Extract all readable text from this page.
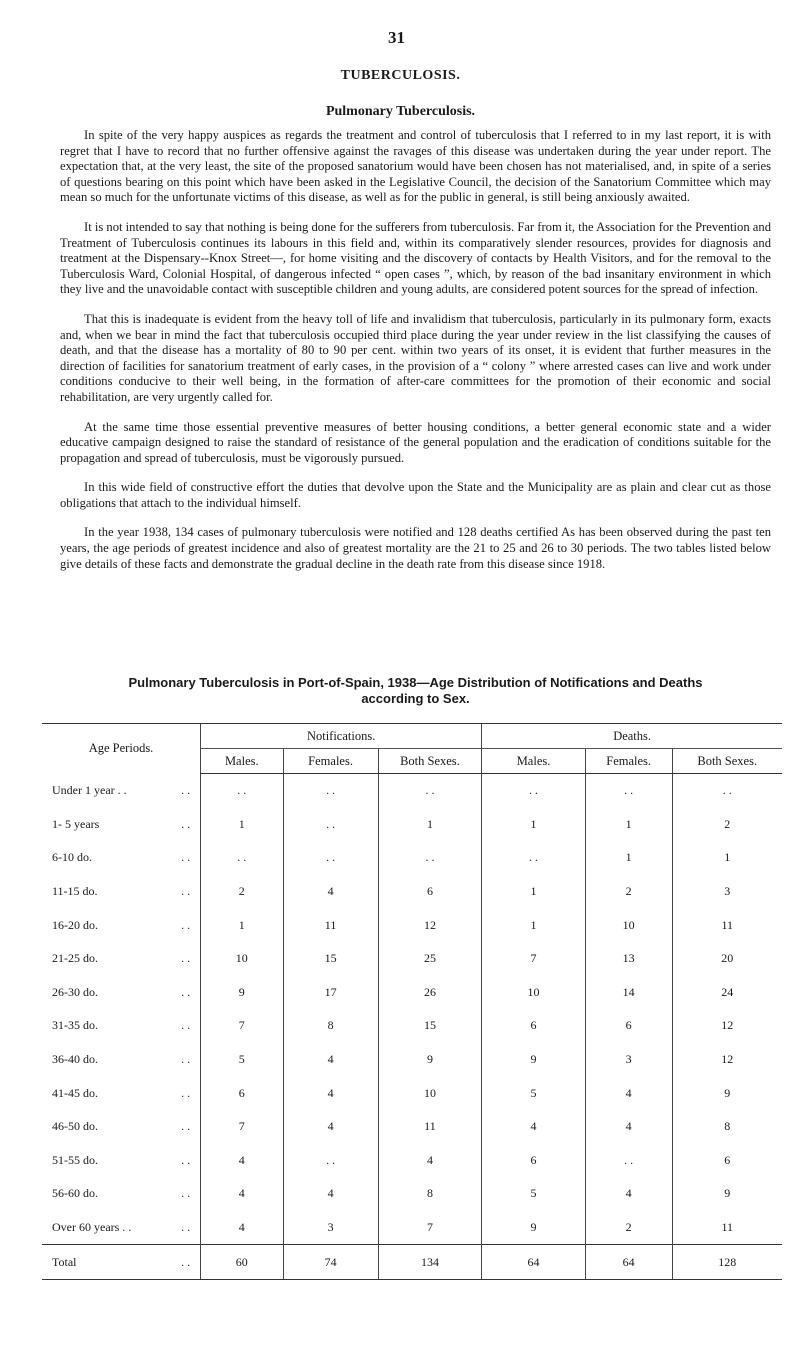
31
TUBERCULOSIS.
Pulmonary Tuberculosis.

In spite of the very happy auspices as regards the treatment and control of tuberculosis that I referred to in my last report, it is with regret that I have to record that no further offensive against the ravages of this disease was undertaken during the year under report. The expectation that, at the very least, the site of the proposed sanatorium would have been chosen has not materialised, and, in spite of a series of questions bearing on this point which have been asked in the Legislative Council, the decision of the Sanatorium Committee which may mean so much for the unfortunate victims of this disease, as well as for the public in general, is still being anxiously awaited.

It is not intended to say that nothing is being done for the sufferers from tuberculosis. Far from it, the Association for the Prevention and Treatment of Tuberculosis continues its labours in this field and, within its comparatively slender resources, provides for diagnosis and treatment at the Dispensary--Knox Street—, for home visiting and the discovery of contacts by Health Visitors, and for the removal to the Tuberculosis Ward, Colonial Hospital, of dangerous infected “ open cases ”, which, by reason of the bad insanitary environment in which they live and the unavoidable contact with susceptible children and young adults, are considered potent sources for the spread of infection.

That this is inadequate is evident from the heavy toll of life and invalidism that tuberculosis, particularly in its pulmonary form, exacts and, when we bear in mind the fact that tuberculosis occupied third place during the year under review in the list classifying the causes of death, and that the disease has a mortality of 80 to 90 per cent. within two years of its onset, it is evident that further measures in the direction of facilities for sanatorium treatment of early cases, in the provision of a “ colony ” where arrested cases can live and work under conditions conducive to their well being, in the formation of after-care committees for the promotion of their economic and social rehabilitation, are very urgently called for.

At the same time those essential preventive measures of better housing conditions, a better general economic state and a wider educative campaign designed to raise the standard of resistance of the general population and the eradication of conditions suitable for the propagation and spread of tuberculosis, must be vigorously pursued.

In this wide field of constructive effort the duties that devolve upon the State and the Municipality are as plain and clear cut as those obligations that attach to the individual himself.

In the year 1938, 134 cases of pulmonary tuberculosis were notified and 128 deaths certified As has been observed during the past ten years, the age periods of greatest incidence and also of greatest mortality are the 21 to 25 and 26 to 30 periods. The two tables listed below give details of these facts and demonstrate the gradual decline in the death rate from this disease since 1918.

Pulmonary Tuberculosis in Port-of-Spain, 1938—Age Distribution of Notifications and Deaths
according to Sex.
Age Periods.	Notifications.			Deaths.		
	Males.	Females.	Both Sexes.	Males.	Females.	Both Sexes.
Under 1 year . . . .	. .	. .	. .	. .	. .	. .
1- 5 years . .	1	. .	1	1	1	2
6-10 do. . .	. .	. .	. .	. .	1	1
11-15 do. . .	2	4	6	1	2	3
16-20 do. . .	1	11	12	1	10	11
21-25 do. . .	10	15	25	7	13	20
26-30 do. . .	9	17	26	10	14	24
31-35 do. . .	7	8	15	6	6	12
36-40 do. . .	5	4	9	9	3	12
41-45 do. . .	6	4	10	5	4	9
46-50 do. . .	7	4	11	4	4	8
51-55 do. . .	4	. .	4	6	. .	6
56-60 do. . .	4	4	8	5	4	9
Over 60 years . . . .	4	3	7	9	2	11
Total . .	60	74	134	64	64	128
